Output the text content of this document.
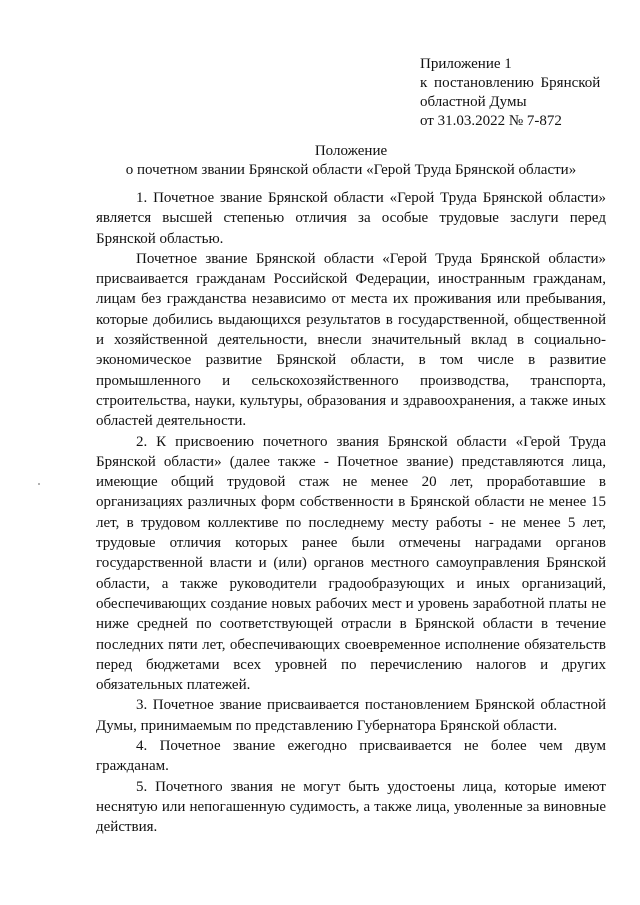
Приложение 1
к постановлению Брянской
областной Думы
от 31.03.2022 № 7-872
Положение
о почетном звании Брянской области «Герой Труда Брянской области»

1. Почетное звание Брянской области «Герой Труда Брянской области» является высшей степенью отличия за особые трудовые заслуги перед Брянской областью.

Почетное звание Брянской области «Герой Труда Брянской области» присваивается гражданам Российской Федерации, иностранным гражданам, лицам без гражданства независимо от места их проживания или пребывания, которые добились выдающихся результатов в государственной, общественной и хозяйственной деятельности, внесли значительный вклад в социально-экономическое развитие Брянской области, в том числе в развитие промышленного и сельскохозяйственного производства, транспорта, строительства, науки, культуры, образования и здравоохранения, а также иных областей деятельности.

2. К присвоению почетного звания Брянской области «Герой Труда Брянской области» (далее также - Почетное звание) представляются лица, имеющие общий трудовой стаж не менее 20 лет, проработавшие в организациях различных форм собственности в Брянской области не менее 15 лет, в трудовом коллективе по последнему месту работы - не менее 5 лет, трудовые отличия которых ранее были отмечены наградами органов государственной власти и (или) органов местного самоуправления Брянской области, а также руководители градообразующих и иных организаций, обеспечивающих создание новых рабочих мест и уровень заработной платы не ниже средней по соответствующей отрасли в Брянской области в течение последних пяти лет, обеспечивающих своевременное исполнение обязательств перед бюджетами всех уровней по перечислению налогов и других обязательных платежей.

3. Почетное звание присваивается постановлением Брянской областной Думы, принимаемым по представлению Губернатора Брянской области.

4. Почетное звание ежегодно присваивается не более чем двум гражданам.

5. Почетного звания не могут быть удостоены лица, которые имеют неснятую или непогашенную судимость, а также лица, уволенные за виновные действия.
